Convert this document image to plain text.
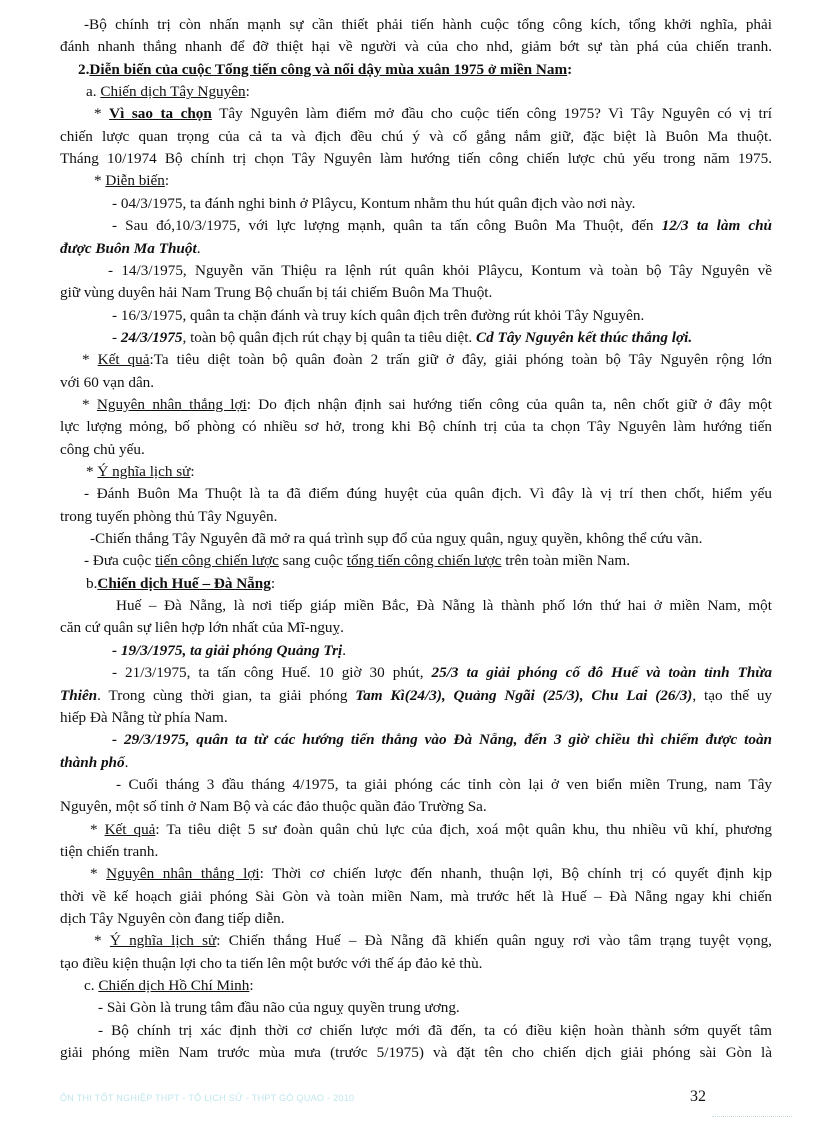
-Bộ chính trị còn nhấn mạnh sự cần thiết phải tiến hành cuộc tổng công kích, tổng khởi nghĩa, phải
đánh nhanh thắng nhanh để đỡ thiệt hại về người và của cho nhd, giảm bớt sự tàn phá của chiến tranh.
2.Diễn biến của cuộc Tổng tiến công và nổi dậy mùa xuân 1975 ở miền Nam:
a. Chiến dịch Tây Nguyên:
* Vì sao ta chọn Tây Nguyên làm điểm mở đầu cho cuộc tiến công 1975? Vì Tây Nguyên có vị trí
chiến lược quan trọng của cả ta và địch đều chú ý và cố gắng nắm giữ, đặc biệt là Buôn Ma thuột.
Tháng 10/1974 Bộ chính trị chọn Tây Nguyên làm hướng tiến công chiến lược chủ yếu trong năm 1975.
* Diễn biến:
- 04/3/1975, ta đánh nghi binh ở Plâycu, Kontum nhằm thu hút quân địch vào nơi này.
- Sau đó,10/3/1975, với lực lượng mạnh, quân ta tấn công Buôn Ma Thuột, đến 12/3 ta làm chủ
được Buôn Ma Thuột.
- 14/3/1975, Nguyễn văn Thiệu ra lệnh rút quân khỏi Plâycu, Kontum và toàn bộ Tây Nguyên về
giữ vùng duyên hải Nam Trung Bộ chuẩn bị tái chiếm Buôn Ma Thuột.
- 16/3/1975, quân ta chặn đánh và truy kích quân địch trên đường rút khỏi Tây Nguyên.
- 24/3/1975, toàn bộ quân địch rút chạy bị quân ta tiêu diệt. Cd Tây Nguyên kết thúc thắng lợi.
* Kết quả:Ta tiêu diệt toàn bộ quân đoàn 2 trấn giữ ở đây, giải phóng toàn bộ Tây Nguyên rộng lớn
với 60 vạn dân.
* Nguyên nhân thắng lợi: Do địch nhận định sai hướng tiến công của quân ta, nên chốt giữ ở đây một
lực lượng mỏng, bố phòng có nhiều sơ hở, trong khi Bộ chính trị của ta chọn Tây Nguyên làm hướng tiến
công chủ yếu.
* Ý nghĩa lịch sử:
- Đánh Buôn Ma Thuột là ta đã điểm đúng huyệt của quân địch. Vì đây là vị trí then chốt, hiểm yếu
trong tuyến phòng thủ Tây Nguyên.
-Chiến thắng Tây Nguyên đã mở ra quá trình sụp đổ của nguỵ quân, nguỵ quyền, không thể cứu vãn.
- Đưa cuộc tiến công chiến lược sang cuộc tổng tiến công chiến lược trên toàn miền Nam.
b.Chiến dịch Huế – Đà Nẵng:
Huế – Đà Nẵng, là nơi tiếp giáp miền Bắc, Đà Nẵng là thành phố lớn thứ hai ở miền Nam, một
căn cứ quân sự liên hợp lớn nhất của Mĩ-nguỵ.
- 19/3/1975, ta giải phóng Quảng Trị.
- 21/3/1975, ta tấn công Huế. 10 giờ 30 phút, 25/3 ta giải phóng cố đô Huế và toàn tỉnh Thừa
Thiên. Trong cùng thời gian, ta giải phóng Tam Kì(24/3), Quảng Ngãi (25/3), Chu Lai (26/3), tạo thế uy
hiếp Đà Nẵng từ phía Nam.
- 29/3/1975, quân ta từ các hướng tiến thẳng vào Đà Nẵng, đến 3 giờ chiều thì chiếm được toàn
thành phố.
- Cuối tháng 3 đầu tháng 4/1975, ta giải phóng các tỉnh còn lại ở ven biển miền Trung, nam Tây
Nguyên, một số tỉnh ở Nam Bộ và các đảo thuộc quần đảo Trường Sa.
* Kết quả: Ta tiêu diệt 5 sư đoàn quân chủ lực của địch, xoá một quân khu, thu nhiều vũ khí, phương
tiện chiến tranh.
* Nguyên nhân thắng lợi: Thời cơ chiến lược đến nhanh, thuận lợi, Bộ chính trị có quyết định kịp
thời về kế hoạch giải phóng Sài Gòn và toàn miền Nam, mà trước hết là Huế – Đà Nẵng ngay khi chiến
dịch Tây Nguyên còn đang tiếp diễn.
* Ý nghĩa lịch sử: Chiến thắng Huế – Đà Nẵng đã khiến quân nguỵ rơi vào tâm trạng tuyệt vọng,
tạo điều kiện thuận lợi cho ta tiến lên một bước với thế áp đảo kẻ thù.
c. Chiến dịch Hồ Chí Minh:
- Sài Gòn là trung tâm đầu não của nguỵ quyền trung ương.
- Bộ chính trị xác định thời cơ chiến lược mới đã đến, ta có điều kiện hoàn thành sớm quyết tâm
giải phóng miền Nam trước mùa mưa (trước 5/1975) và đặt tên cho chiến dịch giải phóng sài Gòn là
ÔN THI TỐT NGHIỆP THPT - TỔ LỊCH SỬ - THPT GÒ QUAO - 2010	32
